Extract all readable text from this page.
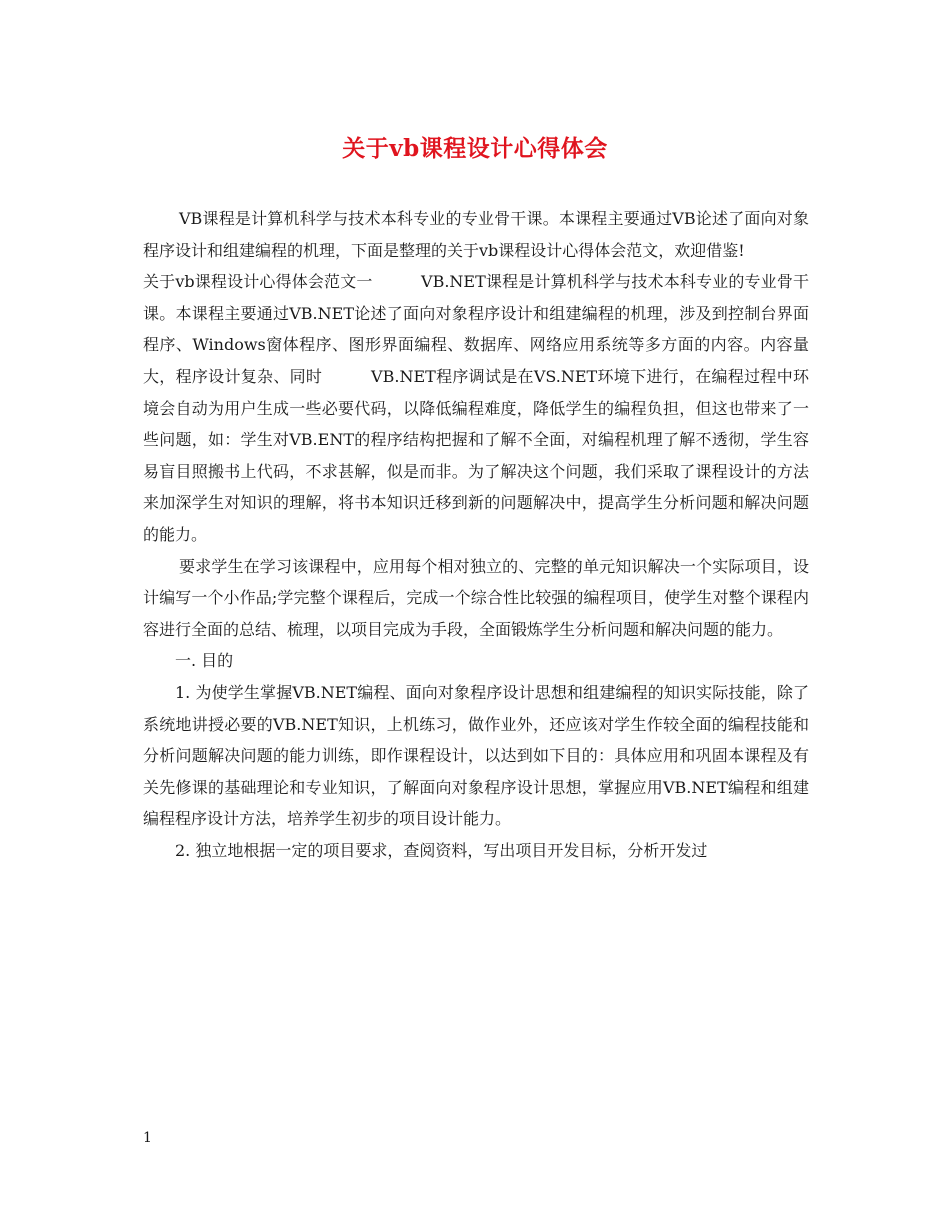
关于vb课程设计心得体会

VB课程是计算机科学与技术本科专业的专业骨干课。本课程主要通过VB论述了面向对象程序设计和组建编程的机理，下面是整理的关于vb课程设计心得体会范文，欢迎借鉴!

关于vb课程设计心得体会范文一　　　VB.NET课程是计算机科学与技术本科专业的专业骨干课。本课程主要通过VB.NET论述了面向对象程序设计和组建编程的机理，涉及到控制台界面程序、Windows窗体程序、图形界面编程、数据库、网络应用系统等多方面的内容。内容量大，程序设计复杂、同时　　　VB.NET程序调试是在VS.NET环境下进行，在编程过程中环境会自动为用户生成一些必要代码，以降低编程难度，降低学生的编程负担，但这也带来了一些问题，如：学生对VB.ENT的程序结构把握和了解不全面，对编程机理了解不透彻，学生容易盲目照搬书上代码，不求甚解，似是而非。为了解决这个问题，我们采取了课程设计的方法来加深学生对知识的理解，将书本知识迁移到新的问题解决中，提高学生分析问题和解决问题的能力。

要求学生在学习该课程中，应用每个相对独立的、完整的单元知识解决一个实际项目，设计编写一个小作品;学完整个课程后，完成一个综合性比较强的编程项目，使学生对整个课程内容进行全面的总结、梳理，以项目完成为手段，全面锻炼学生分析问题和解决问题的能力。

一. 目的

1. 为使学生掌握VB.NET编程、面向对象程序设计思想和组建编程的知识实际技能，除了系统地讲授必要的VB.NET知识，上机练习，做作业外，还应该对学生作较全面的编程技能和分析问题解决问题的能力训练，即作课程设计，以达到如下目的：具体应用和巩固本课程及有关先修课的基础理论和专业知识，了解面向对象程序设计思想，掌握应用VB.NET编程和组建编程程序设计方法，培养学生初步的项目设计能力。

2. 独立地根据一定的项目要求，查阅资料，写出项目开发目标，分析开发过

1
